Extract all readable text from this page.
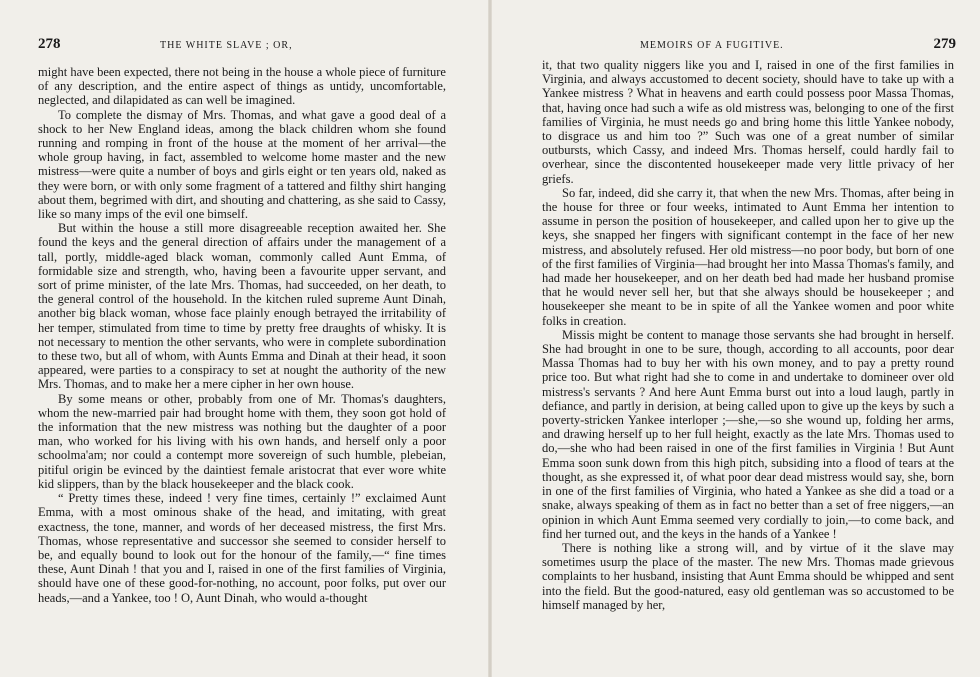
278	THE WHITE SLAVE ; OR,

might have been expected, there not being in the house a whole piece of furniture of any description, and the entire aspect of things as untidy, uncomfortable, neglected, and dilapidated as can well be imagined.

To complete the dismay of Mrs. Thomas, and what gave a good deal of a shock to her New England ideas, among the black children whom she found running and romping in front of the house at the moment of her arrival—the whole group having, in fact, assembled to welcome home master and the new mistress—were quite a number of boys and girls eight or ten years old, naked as they were born, or with only some fragment of a tattered and filthy shirt hanging about them, begrimed with dirt, and shouting and chattering, as she said to Cassy, like so many imps of the evil one bimself.

But within the house a still more disagreeable reception awaited her. She found the keys and the general direction of affairs under the management of a tall, portly, middle-aged black woman, commonly called Aunt Emma, of formidable size and strength, who, having been a favourite upper servant, and sort of prime minister, of the late Mrs. Thomas, had succeeded, on her death, to the general control of the household. In the kitchen ruled supreme Aunt Dinah, another big black woman, whose face plainly enough betrayed the irritability of her temper, stimulated from time to time by pretty free draughts of whisky. It is not necessary to mention the other servants, who were in complete subordination to these two, but all of whom, with Aunts Emma and Dinah at their head, it soon appeared, were parties to a conspiracy to set at nought the authority of the new Mrs. Thomas, and to make her a mere cipher in her own house.

By some means or other, probably from one of Mr. Thomas's daughters, whom the new-married pair had brought home with them, they soon got hold of the information that the new mistress was nothing but the daughter of a poor man, who worked for his living with his own hands, and herself only a poor schoolma'am; nor could a contempt more sovereign of such humble, plebeian, pitiful origin be evinced by the daintiest female aristocrat that ever wore white kid slippers, than by the black housekeeper and the black cook.

“ Pretty times these, indeed ! very fine times, certainly !” exclaimed Aunt Emma, with a most ominous shake of the head, and imitating, with great exactness, the tone, manner, and words of her deceased mistress, the first Mrs. Thomas, whose representative and successor she seemed to consider herself to be, and equally bound to look out for the honour of the family,—“ fine times these, Aunt Dinah ! that you and I, raised in one of the first families of Virginia, should have one of these good-for-nothing, no account, poor folks, put over our heads,—and a Yankee, too ! O, Aunt Dinah, who would a-thought

MEMOIRS OF A FUGITIVE.	279

it, that two quality niggers like you and I, raised in one of the first families in Virginia, and always accustomed to decent society, should have to take up with a Yankee mistress ? What in heavens and earth could possess poor Massa Thomas, that, having once had such a wife as old mistress was, belonging to one of the first families of Virginia, he must needs go and bring home this little Yankee nobody, to disgrace us and him too ?” Such was one of a great number of similar outbursts, which Cassy, and indeed Mrs. Thomas herself, could hardly fail to overhear, since the discontented housekeeper made very little privacy of her griefs.

So far, indeed, did she carry it, that when the new Mrs. Thomas, after being in the house for three or four weeks, intimated to Aunt Emma her intention to assume in person the position of housekeeper, and called upon her to give up the keys, she snapped her fingers with significant contempt in the face of her new mistress, and absolutely refused. Her old mistress—no poor body, but born of one of the first families of Virginia—had brought her into Massa Thomas's family, and had made her housekeeper, and on her death bed had made her husband promise that he would never sell her, but that she always should be housekeeper ; and housekeeper she meant to be in spite of all the Yankee women and poor white folks in creation.

Missis might be content to manage those servants she had brought in herself. She had brought in one to be sure, though, according to all accounts, poor dear Massa Thomas had to buy her with his own money, and to pay a pretty round price too. But what right had she to come in and undertake to domineer over old mistress's servants ? And here Aunt Emma burst out into a loud laugh, partly in defiance, and partly in derision, at being called upon to give up the keys by such a poverty-stricken Yankee interloper ;—she,—so she wound up, folding her arms, and drawing herself up to her full height, exactly as the late Mrs. Thomas used to do,—she who had been raised in one of the first families in Virginia ! But Aunt Emma soon sunk down from this high pitch, subsiding into a flood of tears at the thought, as she expressed it, of what poor dear dead mistress would say, she, born in one of the first families of Virginia, who hated a Yankee as she did a toad or a snake, always speaking of them as in fact no better than a set of free niggers,—an opinion in which Aunt Emma seemed very cordially to join,—to come back, and find her turned out, and the keys in the hands of a Yankee !

There is nothing like a strong will, and by virtue of it the slave may sometimes usurp the place of the master. The new Mrs. Thomas made grievous complaints to her husband, insisting that Aunt Emma should be whipped and sent into the field. But the good-natured, easy old gentleman was so accustomed to be himself managed by her,
